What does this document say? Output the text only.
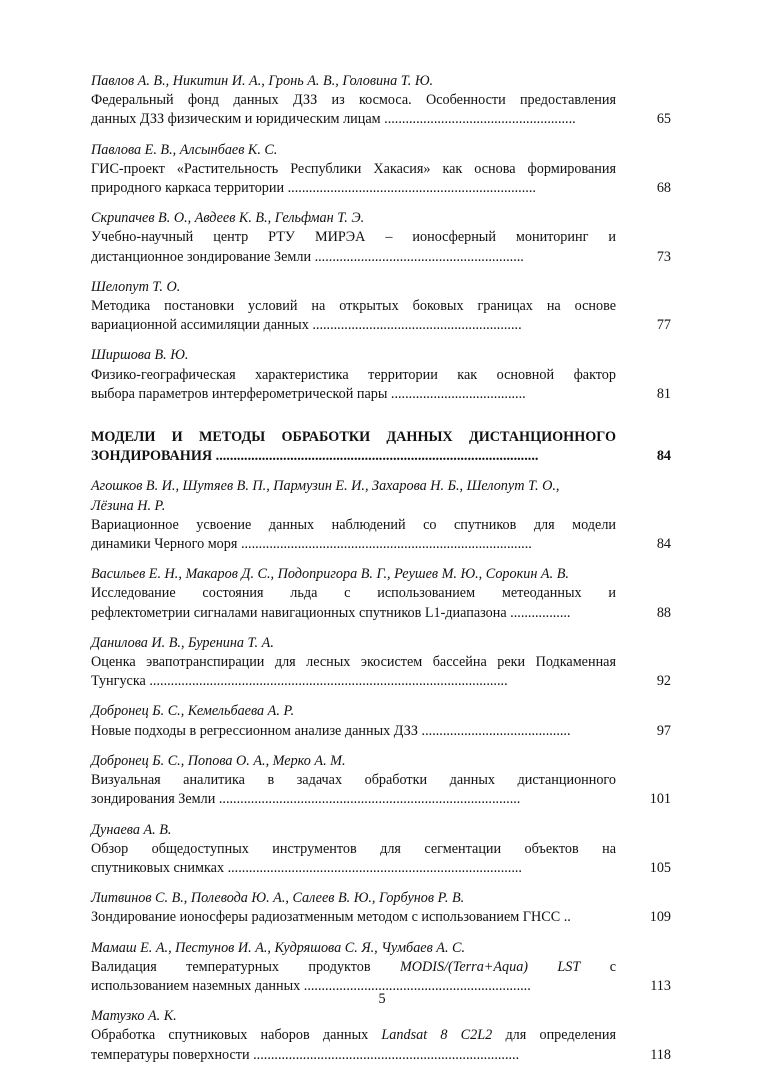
Павлов А. В., Никитин И. А., Гронь А. В., Головина Т. Ю.
Федеральный фонд данных ДЗЗ из космоса. Особенности предоставления
данных ДЗЗ физическим и юридическим лицам ......................................................	65
Павлова Е. В., Алсынбаев К. С.
ГИС-проект «Растительность Республики Хакасия» как основа формирования
природного каркаса территории ......................................................................	68
Скрипачев В. О., Авдеев К. В., Гельфман Т. Э.
Учебно-научный центр РТУ МИРЭА – ионосферный мониторинг и
дистанционное зондирование Земли ...........................................................	73
Шелопут Т. О.
Методика постановки условий на открытых боковых границах на основе
вариационной ассимиляции данных ...........................................................	77
Ширшова В. Ю.
Физико-географическая характеристика территории как основной фактор
выбора параметров интерферометрической пары ......................................	81
МОДЕЛИ И МЕТОДЫ ОБРАБОТКИ ДАННЫХ ДИСТАНЦИОННОГО
ЗОНДИРОВАНИЯ ...........................................................................................	84
Агошков В. И., Шутяев В. П., Пармузин Е. И., Захарова Н. Б., Шелопут Т. О.,
Лёзина Н. Р.
Вариационное усвоение данных наблюдений со спутников для модели
динамики Черного моря ..................................................................................	84
Васильев Е. Н., Макаров Д. С., Подопригора В. Г., Реушев М. Ю., Сорокин А. В.
Исследование состояния льда с использованием метеоданных и
рефлектометрии сигналами навигационных спутников L1-диапазона .................	88
Данилова И. В., Буренина Т. А.
Оценка эвапотранспирации для лесных экосистем бассейна реки Подкаменная
Тунгуска .....................................................................................................	92
Добронец Б. С., Кемельбаева А. Р.
Новые подходы в регрессионном анализе данных ДЗЗ ..........................................	97
Добронец Б. С., Попова О. А., Мерко А. М.
Визуальная аналитика в задачах обработки данных дистанционного
зондирования Земли .....................................................................................	101
Дунаева А. В.
Обзор общедоступных инструментов для сегментации объектов на
спутниковых снимках ...................................................................................	105
Литвинов С. В., Полеводa Ю. А., Салеев В. Ю., Горбунов Р. В.
Зондирование ионосферы радиозатменным методом с использованием ГНСС ..	109
Мамаш Е. А., Пестунов И. А., Кудряшова С. Я., Чумбаев А. С.
Валидация температурных продуктов MODIS/(Terra+Aqua) LST с
использованием наземных данных ................................................................	113
Матузко А. К.
Обработка спутниковых наборов данных Landsat 8 C2L2 для определения
температуры поверхности ...........................................................................	118
5
